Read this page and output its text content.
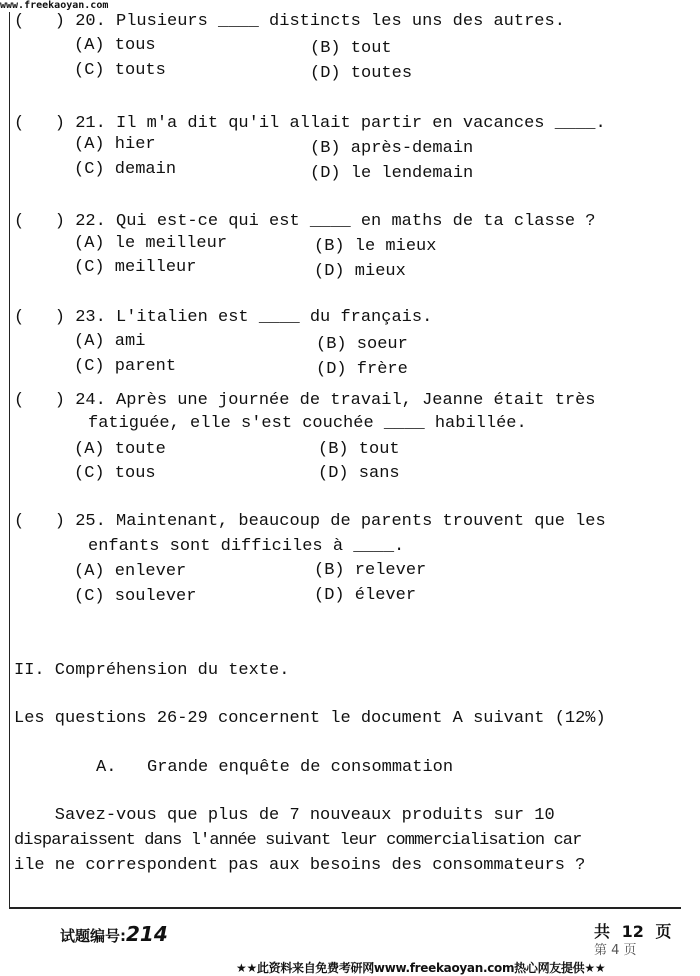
www.freekaoyan.com
(   ) 20. Plusieurs ____ distincts les uns des autres.
(A) tous	(B) tout
(C) touts	(D) toutes
(   ) 21. Il m'a dit qu'il allait partir en vacances ____.
(A) hier	(B) après-demain
(C) demain	(D) le lendemain
(   ) 22. Qui est-ce qui est ____ en maths de ta classe ?
(A) le meilleur	(B) le mieux
(C) meilleur	(D) mieux
(   ) 23. L'italien est ____ du français.
(A) ami	(B) soeur
(C) parent	(D) frère
(   ) 24. Après une journée de travail, Jeanne était très
fatiguée, elle s'est couchée ____ habillée.
(A) toute	(B) tout
(C) tous	(D) sans
(   ) 25. Maintenant, beaucoup de parents trouvent que les
enfants sont difficiles à ____.
(A) enlever	(B) relever
(C) soulever	(D) élever
II. Compréhension du texte.
Les questions 26-29 concernent le document A suivant (12%)
A.   Grande enquête de consommation
Savez-vous que plus de 7 nouveaux produits sur 10
disparaissent dans l'année suivant leur commercialisation car
ile ne correspondent pas aux besoins des consommateurs ?
试题编号:214	共 12 页
第 4 页
★★此资料来自免费考研网www.freekaoyan.com热心网友提供★★
